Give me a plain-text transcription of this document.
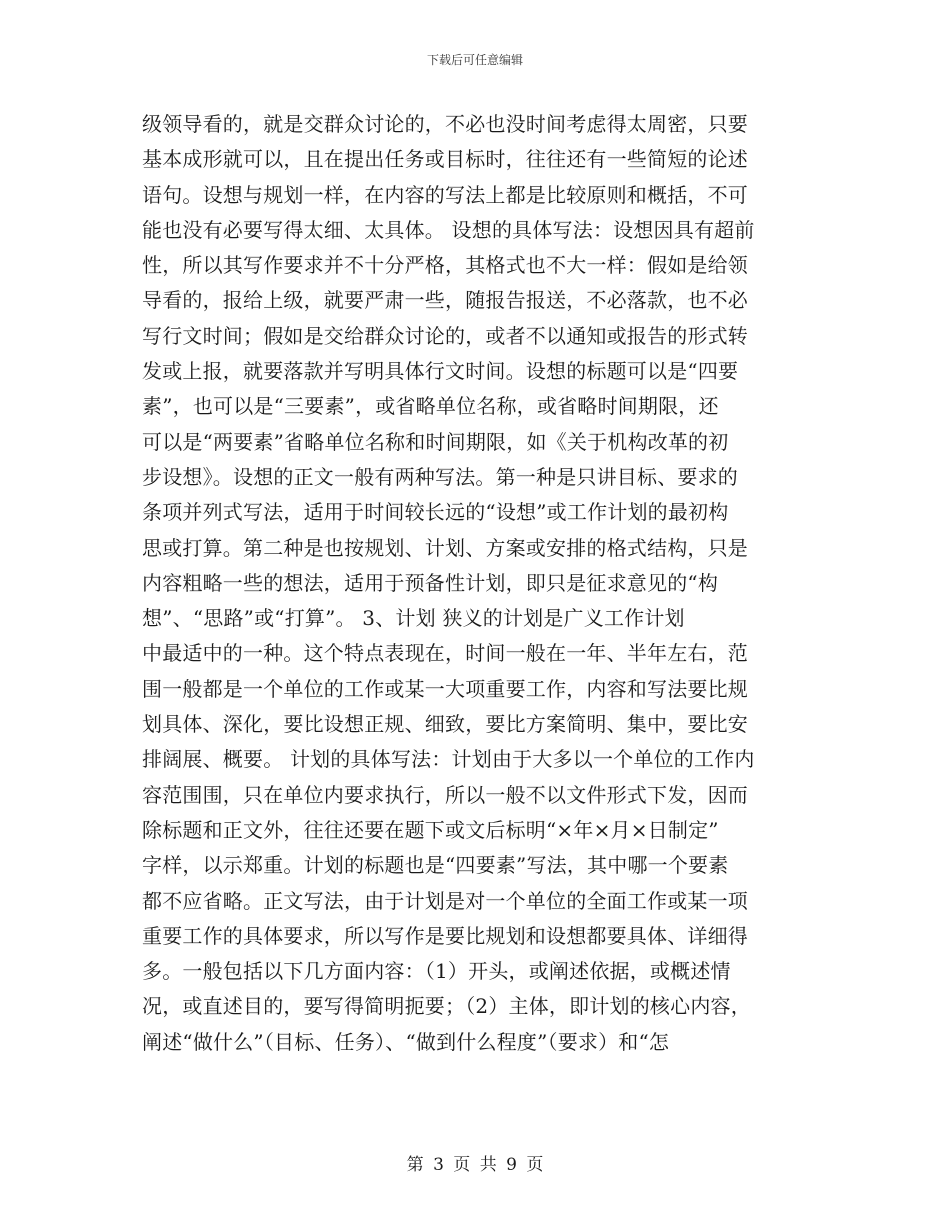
下载后可任意编辑
级领导看的，就是交群众讨论的，不必也没时间考虑得太周密，只要
基本成形就可以，且在提出任务或目标时，往往还有一些简短的论述
语句。设想与规划一样，在内容的写法上都是比较原则和概括，不可
能也没有必要写得太细、太具体。 设想的具体写法：设想因具有超前
性，所以其写作要求并不十分严格，其格式也不大一样：假如是给领
导看的，报给上级，就要严肃一些，随报告报送，不必落款，也不必
写行文时间；假如是交给群众讨论的，或者不以通知或报告的形式转
发或上报，就要落款并写明具体行文时间。设想的标题可以是“四要
素”，也可以是“三要素”，或省略单位名称，或省略时间期限，还
可以是“两要素”省略单位名称和时间期限，如《关于机构改革的初
步设想》。设想的正文一般有两种写法。第一种是只讲目标、要求的
条项并列式写法，适用于时间较长远的“设想”或工作计划的最初构
思或打算。第二种是也按规划、计划、方案或安排的格式结构，只是
内容粗略一些的想法，适用于预备性计划，即只是征求意见的“构
想”、“思路”或“打算”。 3、计划 狭义的计划是广义工作计划
中最适中的一种。这个特点表现在，时间一般在一年、半年左右，范
围一般都是一个单位的工作或某一大项重要工作，内容和写法要比规
划具体、深化，要比设想正规、细致，要比方案简明、集中，要比安
排阔展、概要。 计划的具体写法：计划由于大多以一个单位的工作内
容范围围，只在单位内要求执行，所以一般不以文件形式下发，因而
除标题和正文外，往往还要在题下或文后标明“×年×月×日制定”
字样，以示郑重。计划的标题也是“四要素”写法，其中哪一个要素
都不应省略。正文写法，由于计划是对一个单位的全面工作或某一项
重要工作的具体要求，所以写作是要比规划和设想都要具体、详细得
多。一般包括以下几方面内容：（1）开头，或阐述依据，或概述情
况，或直述目的，要写得简明扼要；（2）主体，即计划的核心内容，
阐述“做什么”（目标、任务）、“做到什么程度”（要求）和“怎
第 3 页 共 9 页
